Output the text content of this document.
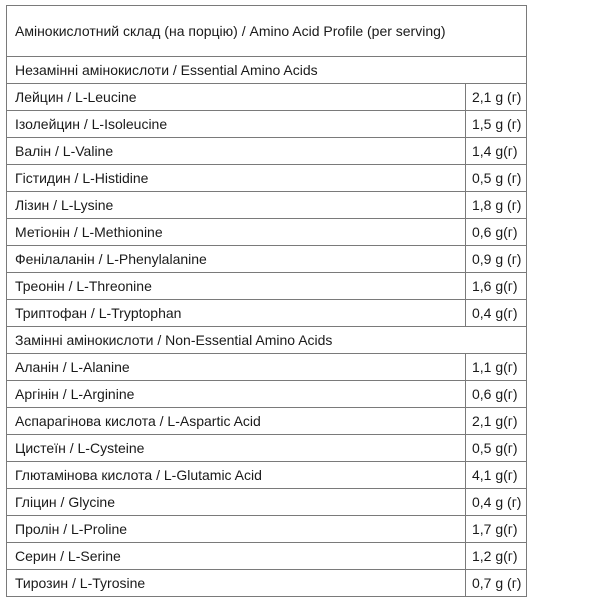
Амінокислотний склад (на порцію) / Amino Acid Profile (per serving)	
Незамінні амінокислоти / Essential Amino Acids	
Лейцин / L-Leucine	2,1 g (г)
Ізолейцин / L-Isoleucine	1,5 g (г)
Валін / L-Valine	1,4 g(г)
Гістидин / L-Histidine	0,5 g (г)
Лізин / L-Lysine	1,8 g (г)
Метіонін / L-Methionine	0,6 g(г)
Фенілаланін / L-Phenylalanine	0,9 g (г)
Треонін / L-Threonine	1,6 g(г)
Триптофан / L-Tryptophan	0,4 g(г)
Замінні амінокислоти / Non-Essential Amino Acids	
Аланін / L-Alanine	1,1 g(г)
Аргінін / L-Arginine	0,6 g(г)
Аспарагінова кислота / L-Aspartic Acid	2,1 g(г)
Цистеїн / L-Cysteine	0,5 g(г)
Глютамінова кислота / L-Glutamic Acid	4,1 g(г)
Гліцин / Glycine	0,4 g (г)
Пролін / L-Proline	1,7 g(г)
Серин / L-Serine	1,2 g(г)
Тирозин / L-Tyrosine	0,7 g (г)
